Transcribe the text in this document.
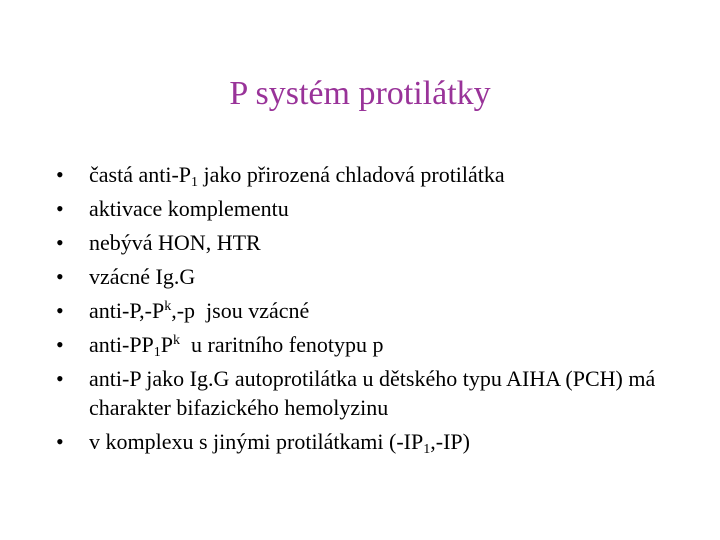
P systém protilátky
•	častá anti-$P_1$ jako přirozená chladová protilátka
•	aktivace komplementu
•	nebývá HON, HTR
•	vzácné Ig.G
•	anti-$P,-P^k,-p$  jsou vzácné
•	anti-$PP_1P^k$  u raritního fenotypu p
•	anti-P jako Ig.G autoprotilátka u dětského typu AIHA (PCH) má charakter bifazického hemolyzinu
•	v komplexu s jinými protilátkami $(-IP_1,-IP)$
